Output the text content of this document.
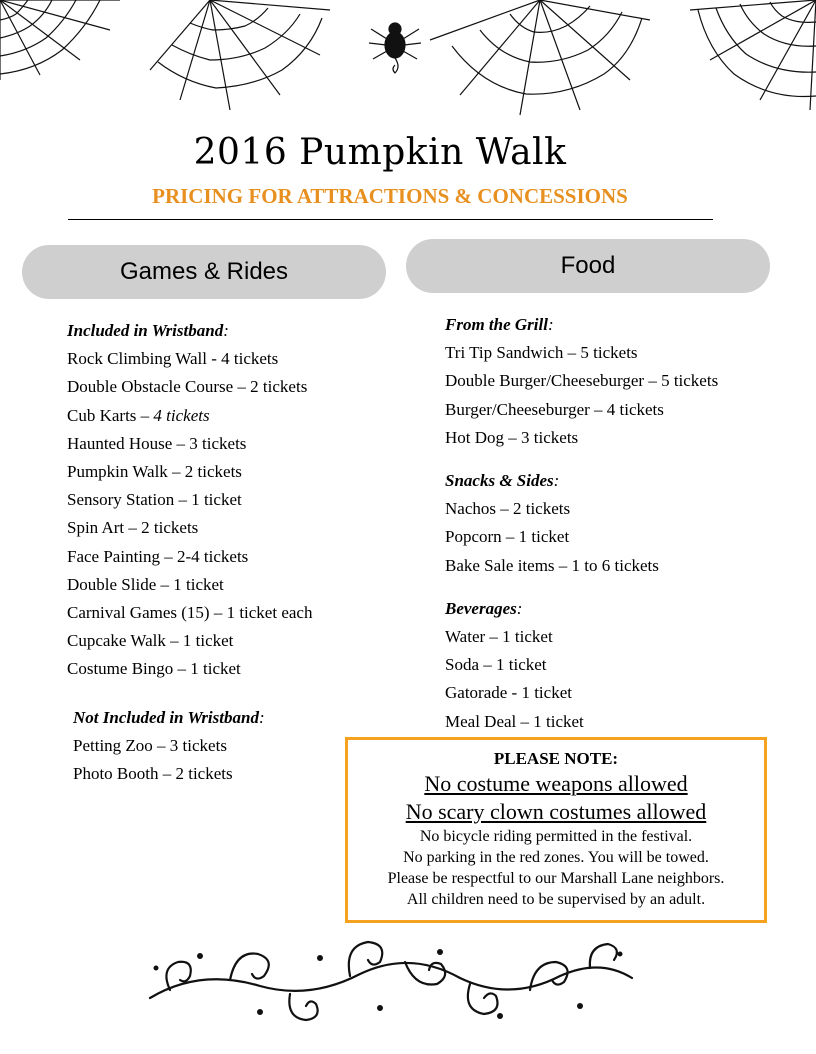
2016 Pumpkin Walk
PRICING FOR ATTRACTIONS & CONCESSIONS
Games & Rides	Food
Included in Wristband:
Rock Climbing Wall - 4 tickets
Double Obstacle Course – 2 tickets
Cub Karts – 4 tickets
Haunted House – 3 tickets
Pumpkin Walk – 2 tickets
Sensory Station – 1 ticket
Spin Art – 2 tickets
Face Painting – 2-4 tickets
Double Slide – 1 ticket
Carnival Games (15) – 1 ticket each
Cupcake Walk – 1 ticket
Costume Bingo – 1 ticket
Not Included in Wristband:
Petting Zoo – 3 tickets
Photo Booth – 2 tickets
From the Grill:
Tri Tip Sandwich – 5 tickets
Double Burger/Cheeseburger – 5 tickets
Burger/Cheeseburger – 4 tickets
Hot Dog – 3 tickets
Snacks & Sides:
Nachos – 2 tickets
Popcorn – 1 ticket
Bake Sale items – 1 to 6 tickets
Beverages:
Water – 1 ticket
Soda – 1 ticket
Gatorade - 1 ticket
Meal Deal – 1 ticket
PLEASE NOTE:
No costume weapons allowed
No scary clown costumes allowed
No bicycle riding permitted in the festival.
No parking in the red zones. You will be towed.
Please be respectful to our Marshall Lane neighbors.
All children need to be supervised by an adult.
